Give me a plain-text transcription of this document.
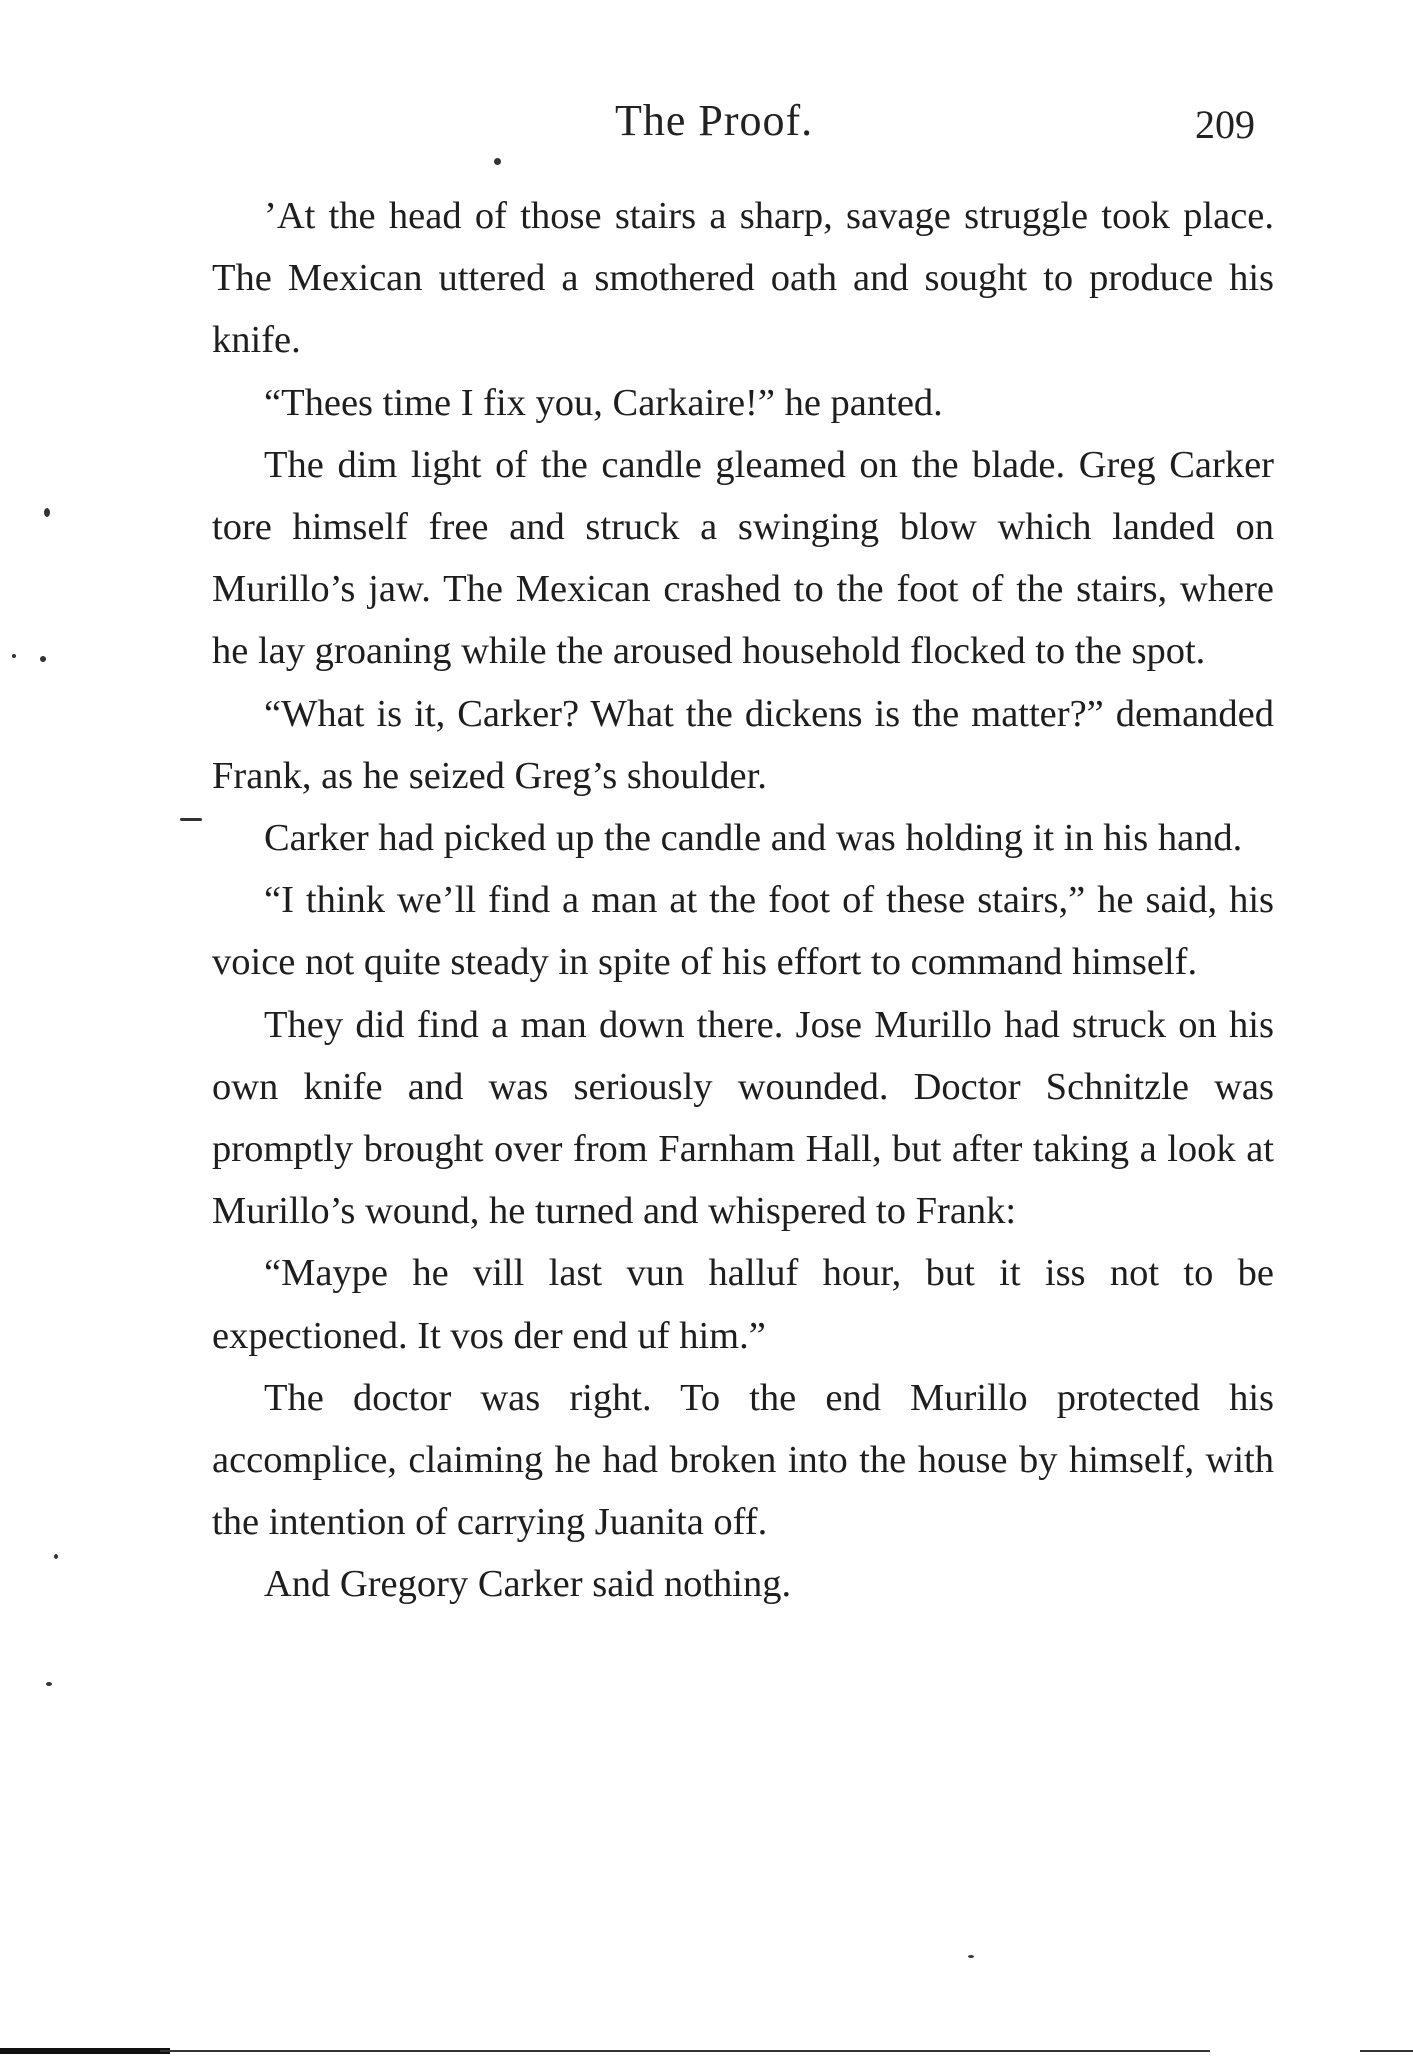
The Proof.	209

’At the head of those stairs a sharp, savage struggle took place. The Mexican uttered a smothered oath and sought to produce his knife.

“Thees time I fix you, Carkaire!” he panted.

The dim light of the candle gleamed on the blade. Greg Carker tore himself free and struck a swinging blow which landed on Murillo’s jaw. The Mexican crashed to the foot of the stairs, where he lay groaning while the aroused household flocked to the spot.

“What is it, Carker? What the dickens is the matter?” demanded Frank, as he seized Greg’s shoulder.

Carker had picked up the candle and was holding it in his hand.

“I think we’ll find a man at the foot of these stairs,” he said, his voice not quite steady in spite of his effort to command himself.

They did find a man down there. Jose Murillo had struck on his own knife and was seriously wounded. Doctor Schnitzle was promptly brought over from Farnham Hall, but after taking a look at Murillo’s wound, he turned and whispered to Frank:

“Maype he vill last vun halluf hour, but it iss not to be expectioned. It vos der end uf him.”

The doctor was right. To the end Murillo protected his accomplice, claiming he had broken into the house by himself, with the intention of carrying Juanita off.

And Gregory Carker said nothing.
